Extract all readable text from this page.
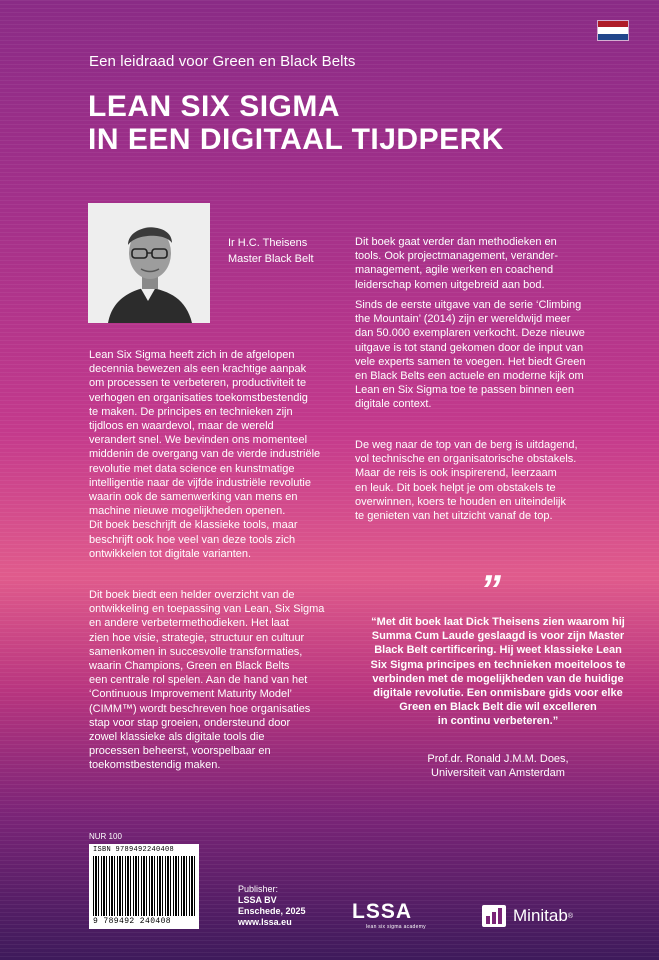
Een leidraad voor Green en Black Belts
LEAN SIX SIGMA
IN EEN DIGITAAL TIJDPERK
Ir H.C. Theisens
Master Black Belt
Lean Six Sigma heeft zich in de afgelopen
decennia bewezen als een krachtige aanpak
om processen te verbeteren, productiviteit te
verhogen en organisaties toekomstbestendig
te maken. De principes en technieken zijn
tijdloos en waardevol, maar de wereld
verandert snel. We bevinden ons momenteel
middenin de overgang van de vierde industriële
revolutie met data science en kunstmatige
intelligentie naar de vijfde industriële revolutie
waarin ook de samenwerking van mens en
machine nieuwe mogelijkheden openen.
Dit boek beschrijft de klassieke tools, maar
beschrijft ook hoe veel van deze tools zich
ontwikkelen tot digitale varianten.
Dit boek biedt een helder overzicht van de
ontwikkeling en toepassing van Lean, Six Sigma
en andere verbetermethodieken. Het laat
zien hoe visie, strategie, structuur en cultuur
samenkomen in succesvolle transformaties,
waarin Champions, Green en Black Belts
een centrale rol spelen. Aan de hand van het
‘Continuous Improvement Maturity Model’
(CIMM™) wordt beschreven hoe organisaties
stap voor stap groeien, ondersteund door
zowel klassieke als digitale tools die
processen beheerst, voorspelbaar en
toekomstbestendig maken.
Dit boek gaat verder dan methodieken en
tools. Ook projectmanagement, verander-
management, agile werken en coachend
leiderschap komen uitgebreid aan bod.
Sinds de eerste uitgave van de serie ‘Climbing
the Mountain’ (2014) zijn er wereldwijd meer
dan 50.000 exemplaren verkocht. Deze nieuwe
uitgave is tot stand gekomen door de input van
vele experts samen te voegen. Het biedt Green
en Black Belts een actuele en moderne kijk om
Lean en Six Sigma toe te passen binnen een
digitale context.
De weg naar de top van de berg is uitdagend,
vol technische en organisatorische obstakels.
Maar de reis is ook inspirerend, leerzaam
en leuk. Dit boek helpt je om obstakels te
overwinnen, koers te houden en uiteindelijk
te genieten van het uitzicht vanaf de top.
”
“Met dit boek laat Dick Theisens zien waarom hij
Summa Cum Laude geslaagd is voor zijn Master
Black Belt certificering. Hij weet klassieke Lean
Six Sigma principes en technieken moeiteloos te
verbinden met de mogelijkheden van de huidige
digitale revolutie. Een onmisbare gids voor elke
Green en Black Belt die wil excelleren
in continu verbeteren.”
Prof.dr. Ronald J.M.M. Does,
Universiteit van Amsterdam
NUR 100
ISBN 9789492240408
9 789492 240408
Publisher:
LSSA BV
Enschede, 2025
www.lssa.eu	LSSA
lean six sigma academy
Minitab ®
